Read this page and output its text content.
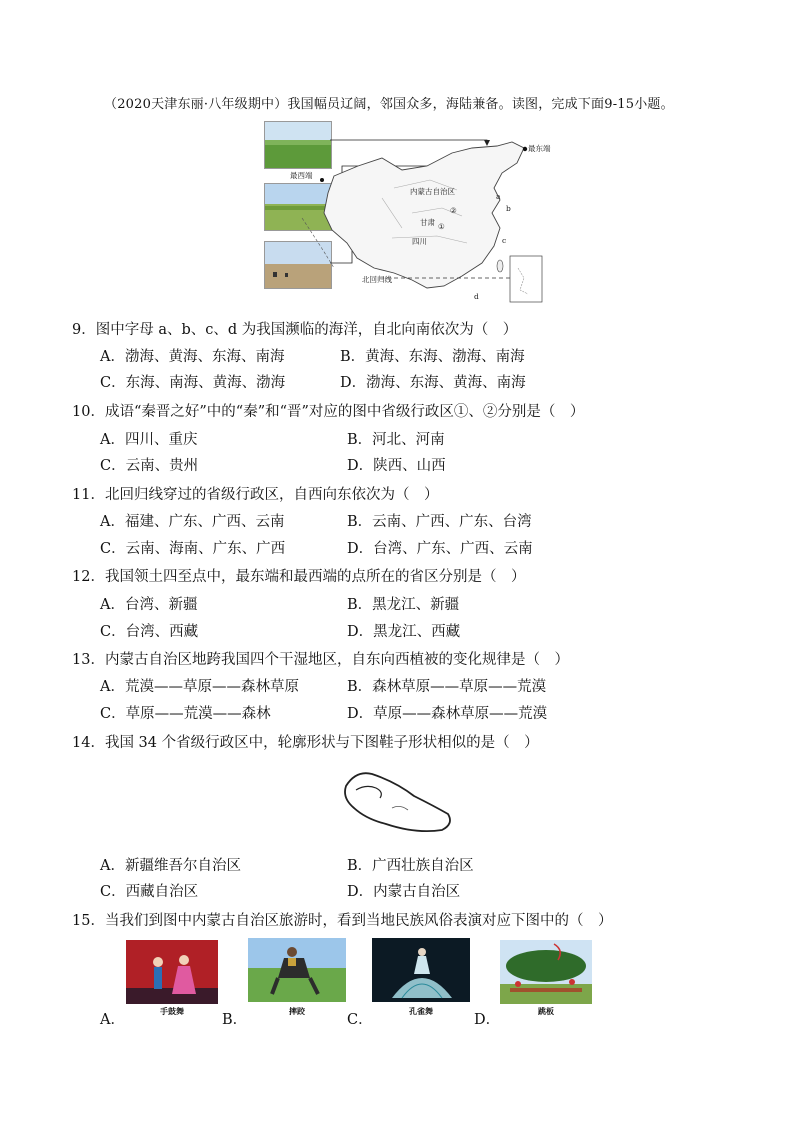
（2020天津东丽·八年级期中）我国幅员辽阔，邻国众多，海陆兼备。读图，完成下面9-15小题。
最西端
最东端
内蒙古自治区
甘肃
四川
①
②
a
b
c
d
北回归线
9．图中字母 a、b、c、d 为我国濒临的海洋，自北向南依次为（　）
A．渤海、黄海、东海、南海	B．黄海、东海、渤海、南海
C．东海、南海、黄海、渤海	D．渤海、东海、黄海、南海
10．成语“秦晋之好”中的“秦”和“晋”对应的图中省级行政区①、②分别是（　）
A．四川、重庆	B．河北、河南
C．云南、贵州	D．陕西、山西
11．北回归线穿过的省级行政区，自西向东依次为（　）
A．福建、广东、广西、云南	B．云南、广西、广东、台湾
C．云南、海南、广东、广西	D．台湾、广东、广西、云南
12．我国领土四至点中，最东端和最西端的点所在的省区分别是（　）
A．台湾、新疆	B．黑龙江、新疆
C．台湾、西藏	D．黑龙江、西藏
13．内蒙古自治区地跨我国四个干湿地区，自东向西植被的变化规律是（　）
A．荒漠——草原——森林草原	B．森林草原——草原——荒漠
C．草原——荒漠——森林	D．草原——森林草原——荒漠
14．我国 34 个省级行政区中，轮廓形状与下图鞋子形状相似的是（　）
A．新疆维吾尔自治区	B．广西壮族自治区
C．西藏自治区	D．内蒙古自治区
15．当我们到图中内蒙古自治区旅游时，看到当地民族风俗表演对应下图中的（　）
A．
手鼓舞
B．
摔跤
C．
孔雀舞
D．
跳板
